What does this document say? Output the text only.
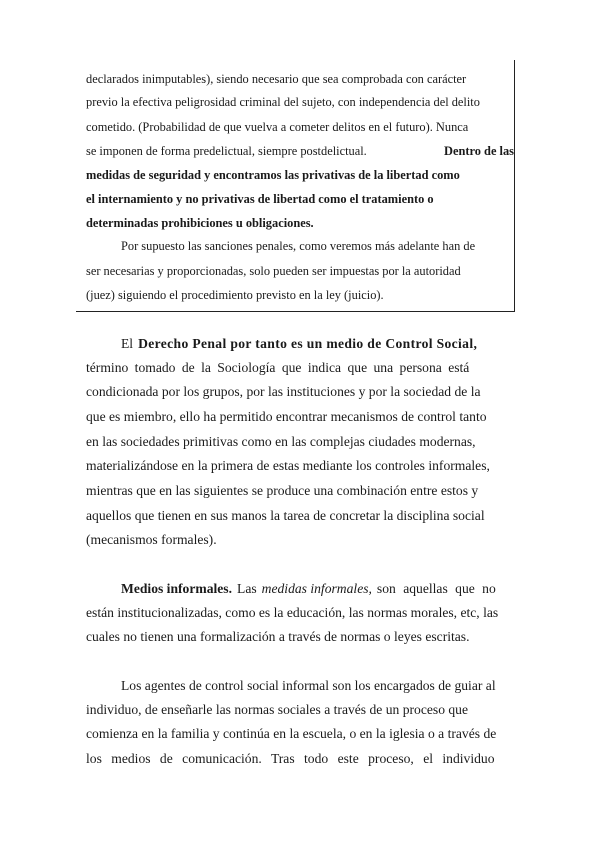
declarados inimputables), siendo necesario que sea comprobada con carácter
previo la efectiva peligrosidad criminal del sujeto, con independencia del delito
cometido. (Probabilidad de que vuelva a cometer delitos en el futuro). Nunca
se imponen de forma predelictual, siempre postdelictual.	Dentro de las
medidas de seguridad y encontramos las privativas de la libertad como
el internamiento y no privativas de libertad como el tratamiento o
determinadas prohibiciones u obligaciones.
Por supuesto las sanciones penales, como veremos más adelante han de
ser necesarias y proporcionadas, solo pueden ser impuestas por la autoridad
(juez) siguiendo el procedimiento previsto en la ley (juicio).
El Derecho Penal por tanto es un medio de Control Social,
término tomado de la Sociología que indica que una persona está
condicionada por los grupos, por las instituciones y por la sociedad de la
que es miembro, ello ha permitido encontrar mecanismos de control tanto
en las sociedades primitivas como en las complejas ciudades modernas,
materializándose en la primera de estas mediante los controles informales,
mientras que en las siguientes se produce una combinación entre estos y
aquellos que tienen en sus manos la tarea de concretar la disciplina social
(mecanismos formales).
Medios informales. Las medidas informales, son aquellas que no
están institucionalizadas, como es la educación, las normas morales, etc, las
cuales no tienen una formalización a través de normas o leyes escritas.
Los agentes de control social informal son los encargados de guiar al
individuo, de enseñarle las normas sociales a través de un proceso que
comienza en la familia y continúa en la escuela, o en la iglesia o a través de
los medios de comunicación. Tras todo este proceso, el individuo
